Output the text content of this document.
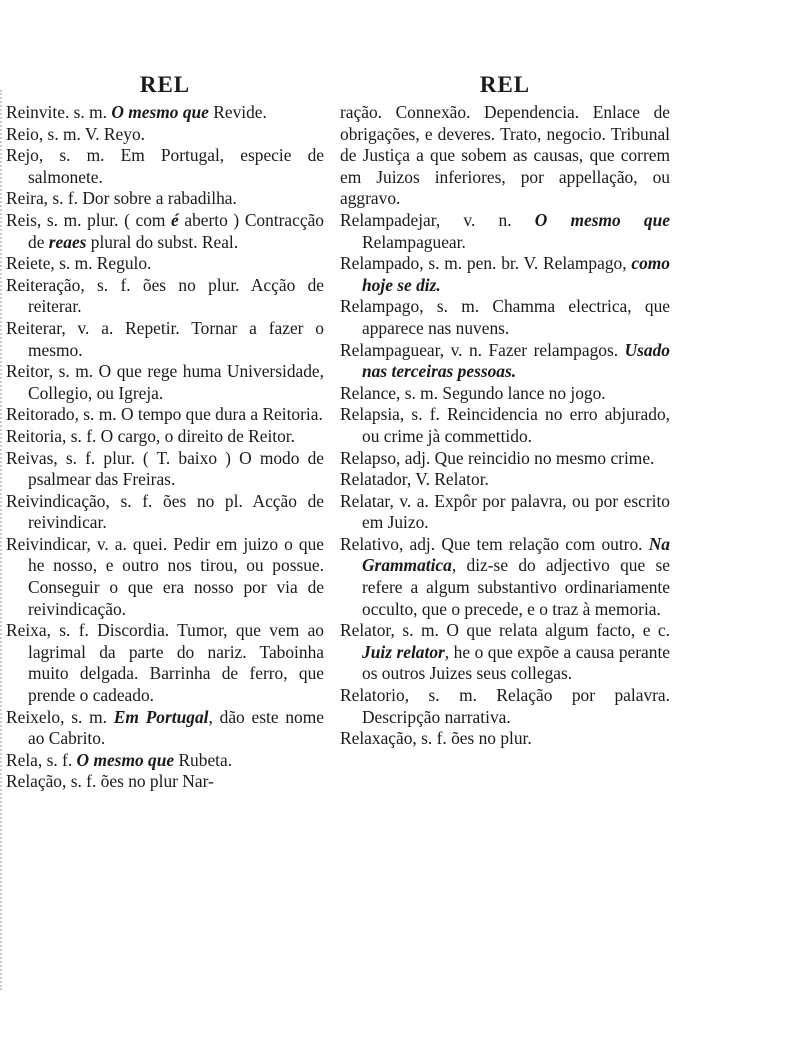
REL

Reinvite. s. m. O mesmo que Revide.

Reio, s. m. V. Reyo.

Rejo, s. m. Em Portugal, especie de salmonete.

Reira, s. f. Dor sobre a rabadilha.

Reis, s. m. plur. ( com é aberto ) Contracção de reaes plural do subst. Real.

Reiete, s. m. Regulo.

Reiteração, s. f. ões no plur. Acção de reiterar.

Reiterar, v. a. Repetir. Tornar a fazer o mesmo.

Reitor, s. m. O que rege huma Universidade, Collegio, ou Igreja.

Reitorado, s. m. O tempo que dura a Reitoria.

Reitoria, s. f. O cargo, o direito de Reitor.

Reivas, s. f. plur. ( T. baixo ) O modo de psalmear das Freiras.

Reivindicação, s. f. ões no pl. Acção de reivindicar.

Reivindicar, v. a. quei. Pedir em juizo o que he nosso, e outro nos tirou, ou possue. Conseguir o que era nosso por via de reivindicação.

Reixa, s. f. Discordia. Tumor, que vem ao lagrimal da parte do nariz. Taboinha muito delgada. Barrinha de ferro, que prende o cadeado.

Reixelo, s. m. Em Portugal, dão este nome ao Cabrito.

Rela, s. f. O mesmo que Rubeta.

Relação, s. f. ões no plur Nar-

REL

ração. Connexão. Dependencia. Enlace de obrigações, e deveres. Trato, negocio. Tribunal de Justiça a que sobem as causas, que correm em Juizos inferiores, por appellação, ou aggravo.

Relampadejar, v. n. O mesmo que Relampaguear.

Relampado, s. m. pen. br. V. Relampago, como hoje se diz.

Relampago, s. m. Chamma electrica, que apparece nas nuvens.

Relampaguear, v. n. Fazer relampagos. Usado nas terceiras pessoas.

Relance, s. m. Segundo lance no jogo.

Relapsia, s. f. Reincidencia no erro abjurado, ou crime jà commettido.

Relapso, adj. Que reincidio no mesmo crime.

Relatador, V. Relator.

Relatar, v. a. Expôr por palavra, ou por escrito em Juizo.

Relativo, adj. Que tem relação com outro. Na Grammatica, diz-se do adjectivo que se refere a algum substantivo ordinariamente occulto, que o precede, e o traz à memoria.

Relator, s. m. O que relata algum facto, e c. Juiz relator, he o que expõe a causa perante os outros Juizes seus collegas.

Relatorio, s. m. Relação por palavra. Descripção narrativa.

Relaxação, s. f. ões no plur.
